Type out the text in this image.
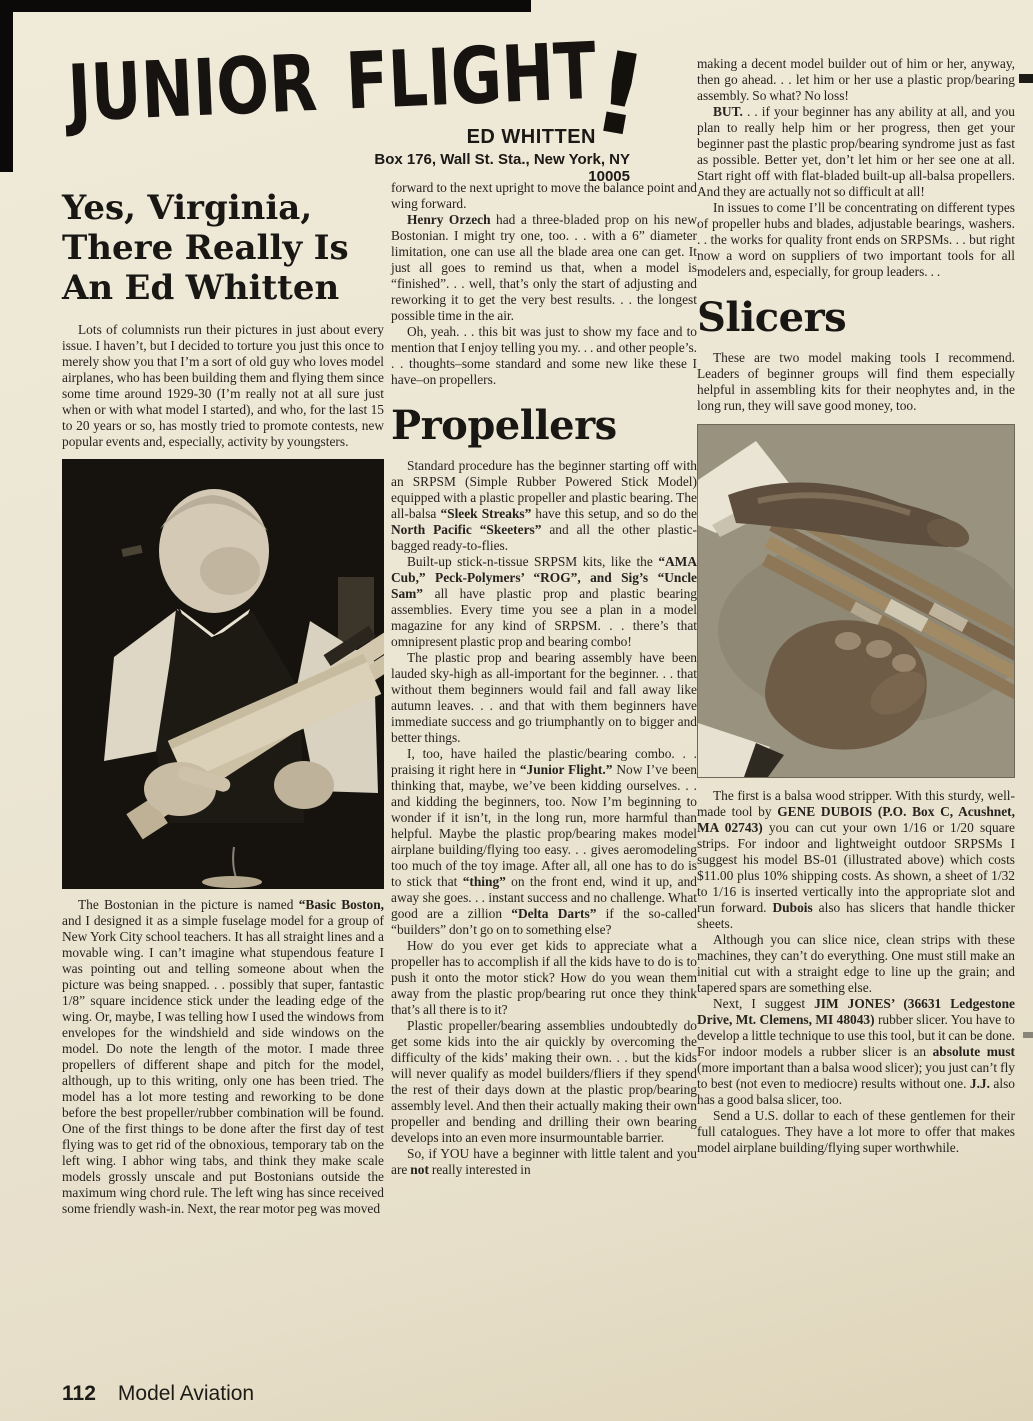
JUNIOR FLIGHT
!
ED WHITTEN
Box 176, Wall St. Sta., New York, NY 10005
Yes, Virginia,
There Really Is
An Ed Whitten

Lots of columnists run their pictures in just about every issue. I haven’t, but I decided to torture you just this once to merely show you that I’m a sort of old guy who loves model airplanes, who has been building them and flying them since some time around 1929-30 (I’m really not at all sure just when or with what model I started), and who, for the last 15 to 20 years or so, has mostly tried to promote contests, new popular events and, especially, activity by youngsters.

The Bostonian in the picture is named “Basic Boston, and I designed it as a simple fuselage model for a group of New York City school teachers. It has all straight lines and a movable wing. I can’t imagine what stupendous feature I was pointing out and telling someone about when the picture was being snapped. . . possibly that super, fantastic 1/8” square incidence stick under the leading edge of the wing. Or, maybe, I was telling how I used the windows from envelopes for the windshield and side windows on the model. Do note the length of the motor. I made three propellers of different shape and pitch for the model, although, up to this writing, only one has been tried. The model has a lot more testing and reworking to be done before the best propeller/rubber combination will be found. One of the first things to be done after the first day of test flying was to get rid of the obnoxious, temporary tab on the left wing. I abhor wing tabs, and think they make scale models grossly unscale and put Bostonians outside the maximum wing chord rule. The left wing has since received some friendly wash-in. Next, the rear motor peg was moved

forward to the next upright to move the balance point and wing forward.

Henry Orzech had a three-bladed prop on his new Bostonian. I might try one, too. . . with a 6” diameter limitation, one can use all the blade area one can get. It just all goes to remind us that, when a model is “finished”. . . well, that’s only the start of adjusting and reworking it to get the very best results. . . the longest possible time in the air.

Oh, yeah. . . this bit was just to show my face and to mention that I enjoy telling you my. . . and other people’s. . . thoughts–some standard and some new like these I have–on propellers.

Propellers

Standard procedure has the beginner starting off with an SRPSM (Simple Rubber Powered Stick Model) equipped with a plastic propeller and plastic bearing. The all-balsa “Sleek Streaks” have this setup, and so do the North Pacific “Skeeters” and all the other plastic-bagged ready-to-flies.

Built-up stick-n-tissue SRPSM kits, like the “AMA Cub,” Peck-Polymers’ “ROG”, and Sig’s “Uncle Sam” all have plastic prop and plastic bearing assemblies. Every time you see a plan in a model magazine for any kind of SRPSM. . . there’s that omnipresent plastic prop and bearing combo!

The plastic prop and bearing assembly have been lauded sky-high as all-important for the beginner. . . that without them beginners would fail and fall away like autumn leaves. . . and that with them beginners have immediate success and go triumphantly on to bigger and better things.

I, too, have hailed the plastic/bearing combo. . . praising it right here in “Junior Flight.” Now I’ve been thinking that, maybe, we’ve been kidding ourselves. . . and kidding the beginners, too. Now I’m beginning to wonder if it isn’t, in the long run, more harmful than helpful. Maybe the plastic prop/bearing makes model airplane building/flying too easy. . . gives aeromodeling too much of the toy image. After all, all one has to do is to stick that “thing” on the front end, wind it up, and away she goes. . . instant success and no challenge. What good are a zillion “Delta Darts” if the so-called “builders” don’t go on to something else?

How do you ever get kids to appreciate what a propeller has to accomplish if all the kids have to do is to push it onto the motor stick? How do you wean them away from the plastic prop/bearing rut once they think that’s all there is to it?

Plastic propeller/bearing assemblies undoubtedly do get some kids into the air quickly by overcoming the difficulty of the kids’ making their own. . . but the kids will never qualify as model builders/fliers if they spend the rest of their days down at the plastic prop/bearing assembly level. And then their actually making their own propeller and bending and drilling their own bearing develops into an even more insurmountable barrier.

So, if YOU have a beginner with little talent and you are not really interested in

making a decent model builder out of him or her, anyway, then go ahead. . . let him or her use a plastic prop/bearing assembly. So what? No loss!

BUT. . . if your beginner has any ability at all, and you plan to really help him or her progress, then get your beginner past the plastic prop/bearing syndrome just as fast as possible. Better yet, don’t let him or her see one at all. Start right off with flat-bladed built-up all-balsa propellers. And they are actually not so difficult at all!

In issues to come I’ll be concentrating on different types of propeller hubs and blades, adjustable bearings, washers. . . the works for quality front ends on SRPSMs. . . but right now a word on suppliers of two important tools for all modelers and, especially, for group leaders. . .

Slicers

These are two model making tools I recommend. Leaders of beginner groups will find them especially helpful in assembling kits for their neophytes and, in the long run, they will save good money, too.

The first is a balsa wood stripper. With this sturdy, well-made tool by GENE DUBOIS (P.O. Box C, Acushnet, MA 02743) you can cut your own 1/16 or 1/20 square strips. For indoor and lightweight outdoor SRPSMs I suggest his model BS-01 (illustrated above) which costs $11.00 plus 10% shipping costs. As shown, a sheet of 1/32 to 1/16 is inserted vertically into the appropriate slot and run forward. Dubois also has slicers that handle thicker sheets.

Although you can slice nice, clean strips with these machines, they can’t do everything. One must still make an initial cut with a straight edge to line up the grain; and tapered spars are something else.

Next, I suggest JIM JONES’ (36631 Ledgestone Drive, Mt. Clemens, MI 48043) rubber slicer. You have to develop a little technique to use this tool, but it can be done. For indoor models a rubber slicer is an absolute must (more important than a balsa wood slicer); you just can’t fly to best (not even to mediocre) results without one. J.J. also has a good balsa slicer, too.

Send a U.S. dollar to each of these gentlemen for their full catalogues. They have a lot more to offer that makes model airplane building/flying super worthwhile.

112 Model Aviation
